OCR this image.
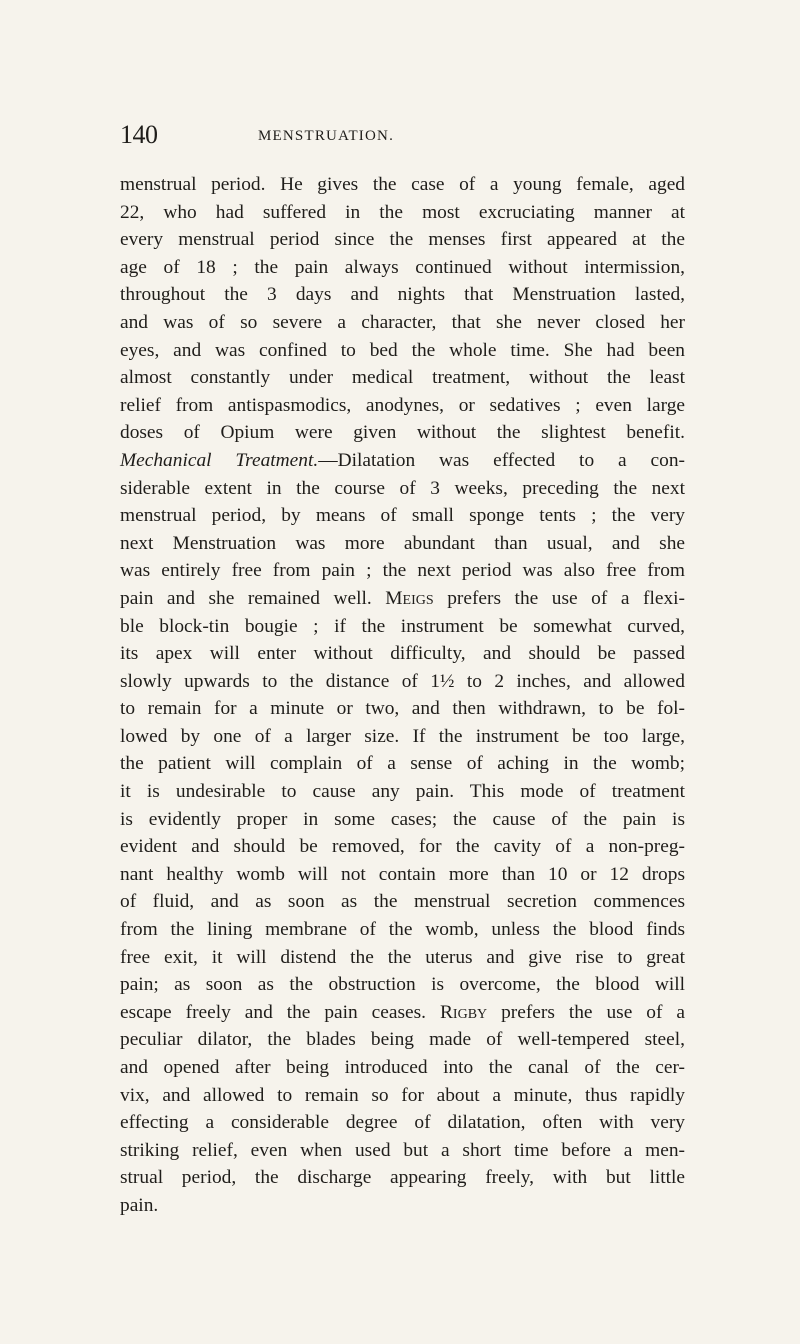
140	MENSTRUATION.
menstrual period. He gives the case of a young female, aged
22, who had suffered in the most excruciating manner at
every menstrual period since the menses first appeared at the
age of 18 ; the pain always continued without intermission,
throughout the 3 days and nights that Menstruation lasted,
and was of so severe a character, that she never closed her
eyes, and was confined to bed the whole time. She had been
almost constantly under medical treatment, without the least
relief from antispasmodics, anodynes, or sedatives ; even large
doses of Opium were given without the slightest benefit.
Mechanical Treatment.—Dilatation was effected to a con-
siderable extent in the course of 3 weeks, preceding the next
menstrual period, by means of small sponge tents ; the very
next Menstruation was more abundant than usual, and she
was entirely free from pain ; the next period was also free from
pain and she remained well. Meigs prefers the use of a flexi-
ble block-tin bougie ; if the instrument be somewhat curved,
its apex will enter without difficulty, and should be passed
slowly upwards to the distance of 1½ to 2 inches, and allowed
to remain for a minute or two, and then withdrawn, to be fol-
lowed by one of a larger size. If the instrument be too large,
the patient will complain of a sense of aching in the womb;
it is undesirable to cause any pain. This mode of treatment
is evidently proper in some cases; the cause of the pain is
evident and should be removed, for the cavity of a non-preg-
nant healthy womb will not contain more than 10 or 12 drops
of fluid, and as soon as the menstrual secretion commences
from the lining membrane of the womb, unless the blood finds
free exit, it will distend the the uterus and give rise to great
pain; as soon as the obstruction is overcome, the blood will
escape freely and the pain ceases. Rigby prefers the use of a
peculiar dilator, the blades being made of well-tempered steel,
and opened after being introduced into the canal of the cer-
vix, and allowed to remain so for about a minute, thus rapidly
effecting a considerable degree of dilatation, often with very
striking relief, even when used but a short time before a men-
strual period, the discharge appearing freely, with but little
pain.
